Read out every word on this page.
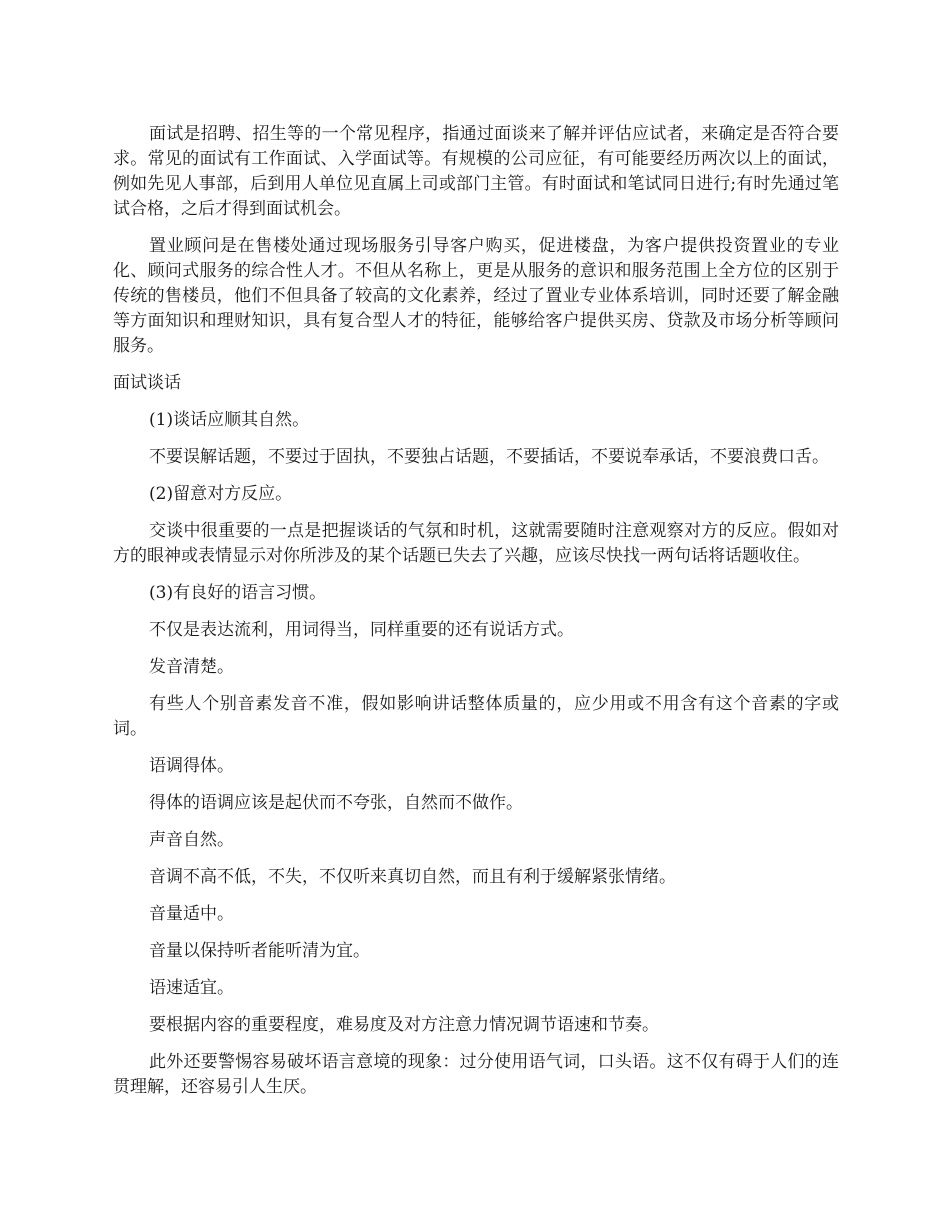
面试是招聘、招生等的一个常见程序，指通过面谈来了解并评估应试者，来确定是否符合要求。常见的面试有工作面试、入学面试等。有规模的公司应征，有可能要经历两次以上的面试，例如先见人事部，后到用人单位见直属上司或部门主管。有时面试和笔试同日进行;有时先通过笔试合格，之后才得到面试机会。

置业顾问是在售楼处通过现场服务引导客户购买，促进楼盘，为客户提供投资置业的专业化、顾问式服务的综合性人才。不但从名称上，更是从服务的意识和服务范围上全方位的区别于传统的售楼员，他们不但具备了较高的文化素养，经过了置业专业体系培训，同时还要了解金融等方面知识和理财知识，具有复合型人才的特征，能够给客户提供买房、贷款及市场分析等顾问服务。

面试谈话

(1)谈话应顺其自然。

不要误解话题，不要过于固执，不要独占话题，不要插话，不要说奉承话，不要浪费口舌。

(2)留意对方反应。

交谈中很重要的一点是把握谈话的气氛和时机，这就需要随时注意观察对方的反应。假如对方的眼神或表情显示对你所涉及的某个话题已失去了兴趣，应该尽快找一两句话将话题收住。

(3)有良好的语言习惯。

不仅是表达流利，用词得当，同样重要的还有说话方式。

发音清楚。

有些人个别音素发音不准，假如影响讲话整体质量的，应少用或不用含有这个音素的字或词。

语调得体。

得体的语调应该是起伏而不夸张，自然而不做作。

声音自然。

音调不高不低，不失，不仅听来真切自然，而且有利于缓解紧张情绪。

音量适中。

音量以保持听者能听清为宜。

语速适宜。

要根据内容的重要程度，难易度及对方注意力情况调节语速和节奏。

此外还要警惕容易破坏语言意境的现象：过分使用语气词，口头语。这不仅有碍于人们的连贯理解，还容易引人生厌。
